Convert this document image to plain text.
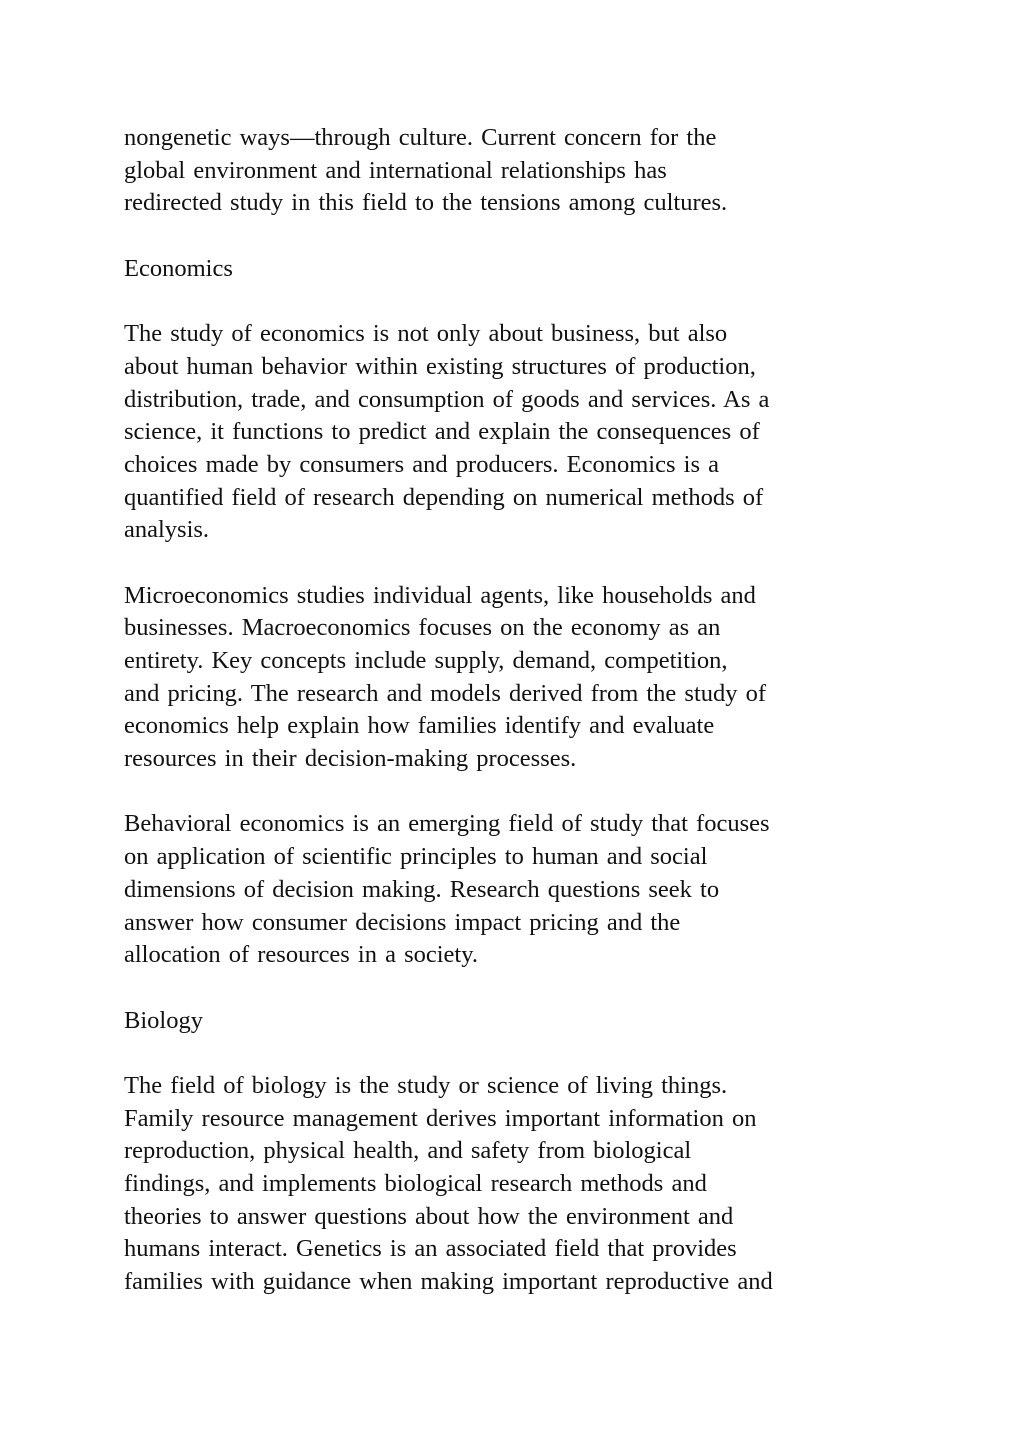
nongenetic ways—through culture. Current concern for the
global environment and international relationships has
redirected study in this field to the tensions among cultures.
Economics
The study of economics is not only about business, but also
about human behavior within existing structures of production,
distribution, trade, and consumption of goods and services. As a
science, it functions to predict and explain the consequences of
choices made by consumers and producers. Economics is a
quantified field of research depending on numerical methods of
analysis.
Microeconomics studies individual agents, like households and
businesses. Macroeconomics focuses on the economy as an
entirety. Key concepts include supply, demand, competition,
and pricing. The research and models derived from the study of
economics help explain how families identify and evaluate
resources in their decision-making processes.
Behavioral economics is an emerging field of study that focuses
on application of scientific principles to human and social
dimensions of decision making. Research questions seek to
answer how consumer decisions impact pricing and the
allocation of resources in a society.
Biology
The field of biology is the study or science of living things.
Family resource management derives important information on
reproduction, physical health, and safety from biological
findings, and implements biological research methods and
theories to answer questions about how the environment and
humans interact. Genetics is an associated field that provides
families with guidance when making important reproductive and
